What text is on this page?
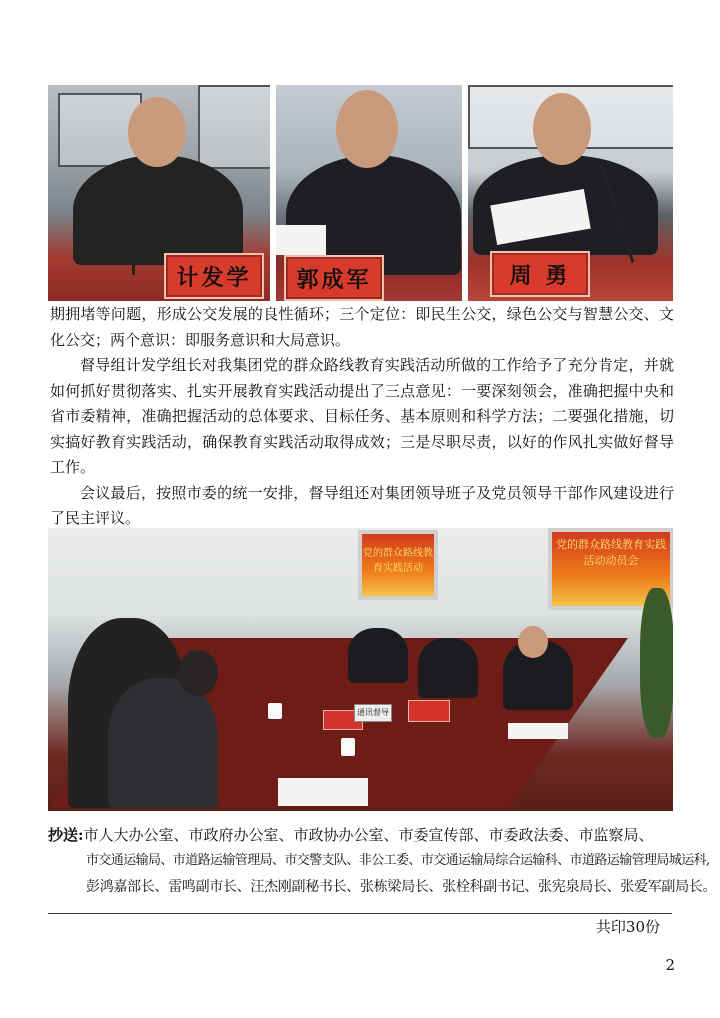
计发学	郭成军	周 勇

期拥堵等问题，形成公交发展的良性循环；三个定位：即民生公交，绿色公交与智慧公交、文化公交；两个意识：即服务意识和大局意识。

督导组计发学组长对我集团党的群众路线教育实践活动所做的工作给予了充分肯定，并就如何抓好贯彻落实、扎实开展教育实践活动提出了三点意见：一要深刻领会，准确把握中央和省市委精神，准确把握活动的总体要求、目标任务、基本原则和科学方法；二要强化措施，切实搞好教育实践活动，确保教育实践活动取得成效；三是尽职尽责，以好的作风扎实做好督导工作。

会议最后，按照市委的统一安排，督导组还对集团领导班子及党员领导干部作风建设进行了民主评议。

党的群众路线教育实践活动
党的群众路线教育实践活动动员会
通讯督导
抄送:市人大办公室、市政府办公室、市政协办公室、市委宣传部、市委政法委、市监察局、
市交通运输局、市道路运输管理局、市交警支队、非公工委、市交通运输局综合运输科、市道路运输管理局城运科,
彭鸿嘉部长、雷鸣副市长、汪杰刚副秘书长、张栋梁局长、张栓科副书记、张宪泉局长、张爱军副局长。
共印30份
2
